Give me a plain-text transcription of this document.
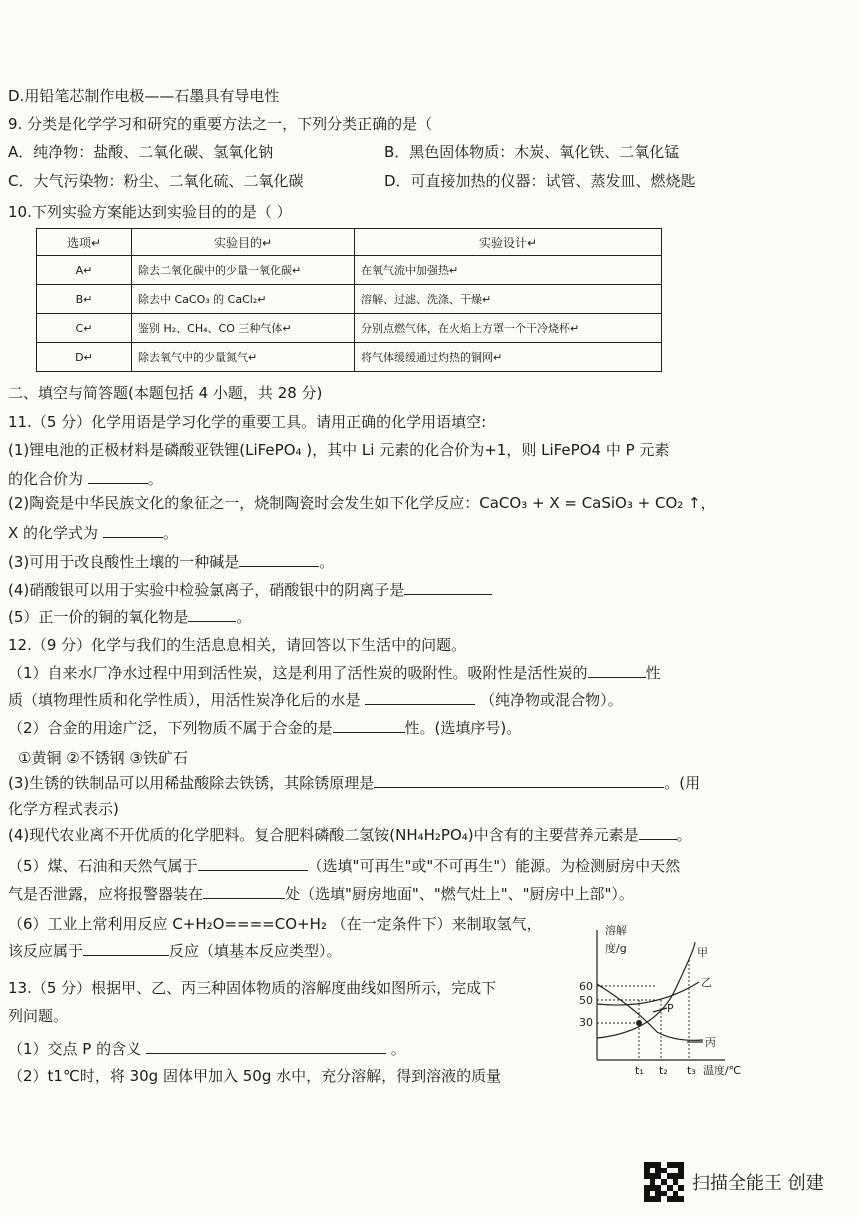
D.用铅笔芯制作电极——石墨具有导电性
9. 分类是化学学习和研究的重要方法之一，下列分类正确的是（
A．纯净物：盐酸、二氧化碳、氢氧化钠	B．黑色固体物质：木炭、氧化铁、二氧化锰
C．大气污染物：粉尘、二氧化硫、二氧化碳	D．可直接加热的仪器：试管、蒸发皿、燃烧匙
10.下列实验方案能达到实验目的的是（ ）
选项↵	实验目的↵	实验设计↵
A↵	除去二氧化碳中的少量一氧化碳↵	在氧气流中加强热↵
B↵	除去中 CaCO₃ 的 CaCl₂↵	溶解、过滤、洗涤、干燥↵
C↵	鉴别 H₂、CH₄、CO 三种气体↵	分别点燃气体，在火焰上方罩一个干冷烧杯↵
D↵	除去氧气中的少量氮气↵	将气体缓缓通过灼热的铜网↵
二、填空与简答题(本题包括 4 小题，共 28 分)
11.（5 分）化学用语是学习化学的重要工具。请用正确的化学用语填空:
(1)锂电池的正极材料是磷酸亚铁锂(LiFePO₄ )，其中 Li 元素的化合价为+1，则 LiFePO4 中 P 元素
的化合价为	。
(2)陶瓷是中华民族文化的象征之一，烧制陶瓷时会发生如下化学反应：CaCO₃ + X = CaSiO₃ + CO₂ ↑，
X 的化学式为	。
(3)可用于改良酸性土壤的一种碱是	。
(4)硝酸银可以用于实验中检验氯离子，硝酸银中的阴离子是
(5）正一价的铜的氧化物是	。
12.（9 分）化学与我们的生活息息相关，请回答以下生活中的问题。
（1）自来水厂净水过程中用到活性炭，这是利用了活性炭的吸附性。吸附性是活性炭的	性
质（填物理性质和化学性质），用活性炭净化后的水是	（纯净物或混合物）。
（2）合金的用途广泛，下列物质不属于合金的是	性。(选填序号)。
①黄铜 ②不锈钢 ③铁矿石
(3)生锈的铁制品可以用稀盐酸除去铁锈，其除锈原理是	。(用
化学方程式表示)
(4)现代农业离不开优质的化学肥料。复合肥料磷酸二氢铵(NH₄H₂PO₄)中含有的主要营养元素是	。
（5）煤、石油和天然气属于	（选填"可再生"或"不可再生"）能源。为检测厨房中天然
气是否泄露，应将报警器装在	处（选填"厨房地面"、"燃气灶上"、"厨房中上部"）。
（6）工业上常利用反应 C+H₂O====CO+H₂ （在一定条件下）来制取氢气，
该反应属于	反应（填基本反应类型）。
13.（5 分）根据甲、乙、丙三种固体物质的溶解度曲线如图所示，完成下
列问题。
（1）交点 P 的含义	。
（2）t1℃时，将 30g 固体甲加入 50g 水中，充分溶解，得到溶液的质量
溶解
度/g
60
50
30
t₁ t₂ t₃ 温度/℃
甲
乙
丙
P
扫描全能王 创建
